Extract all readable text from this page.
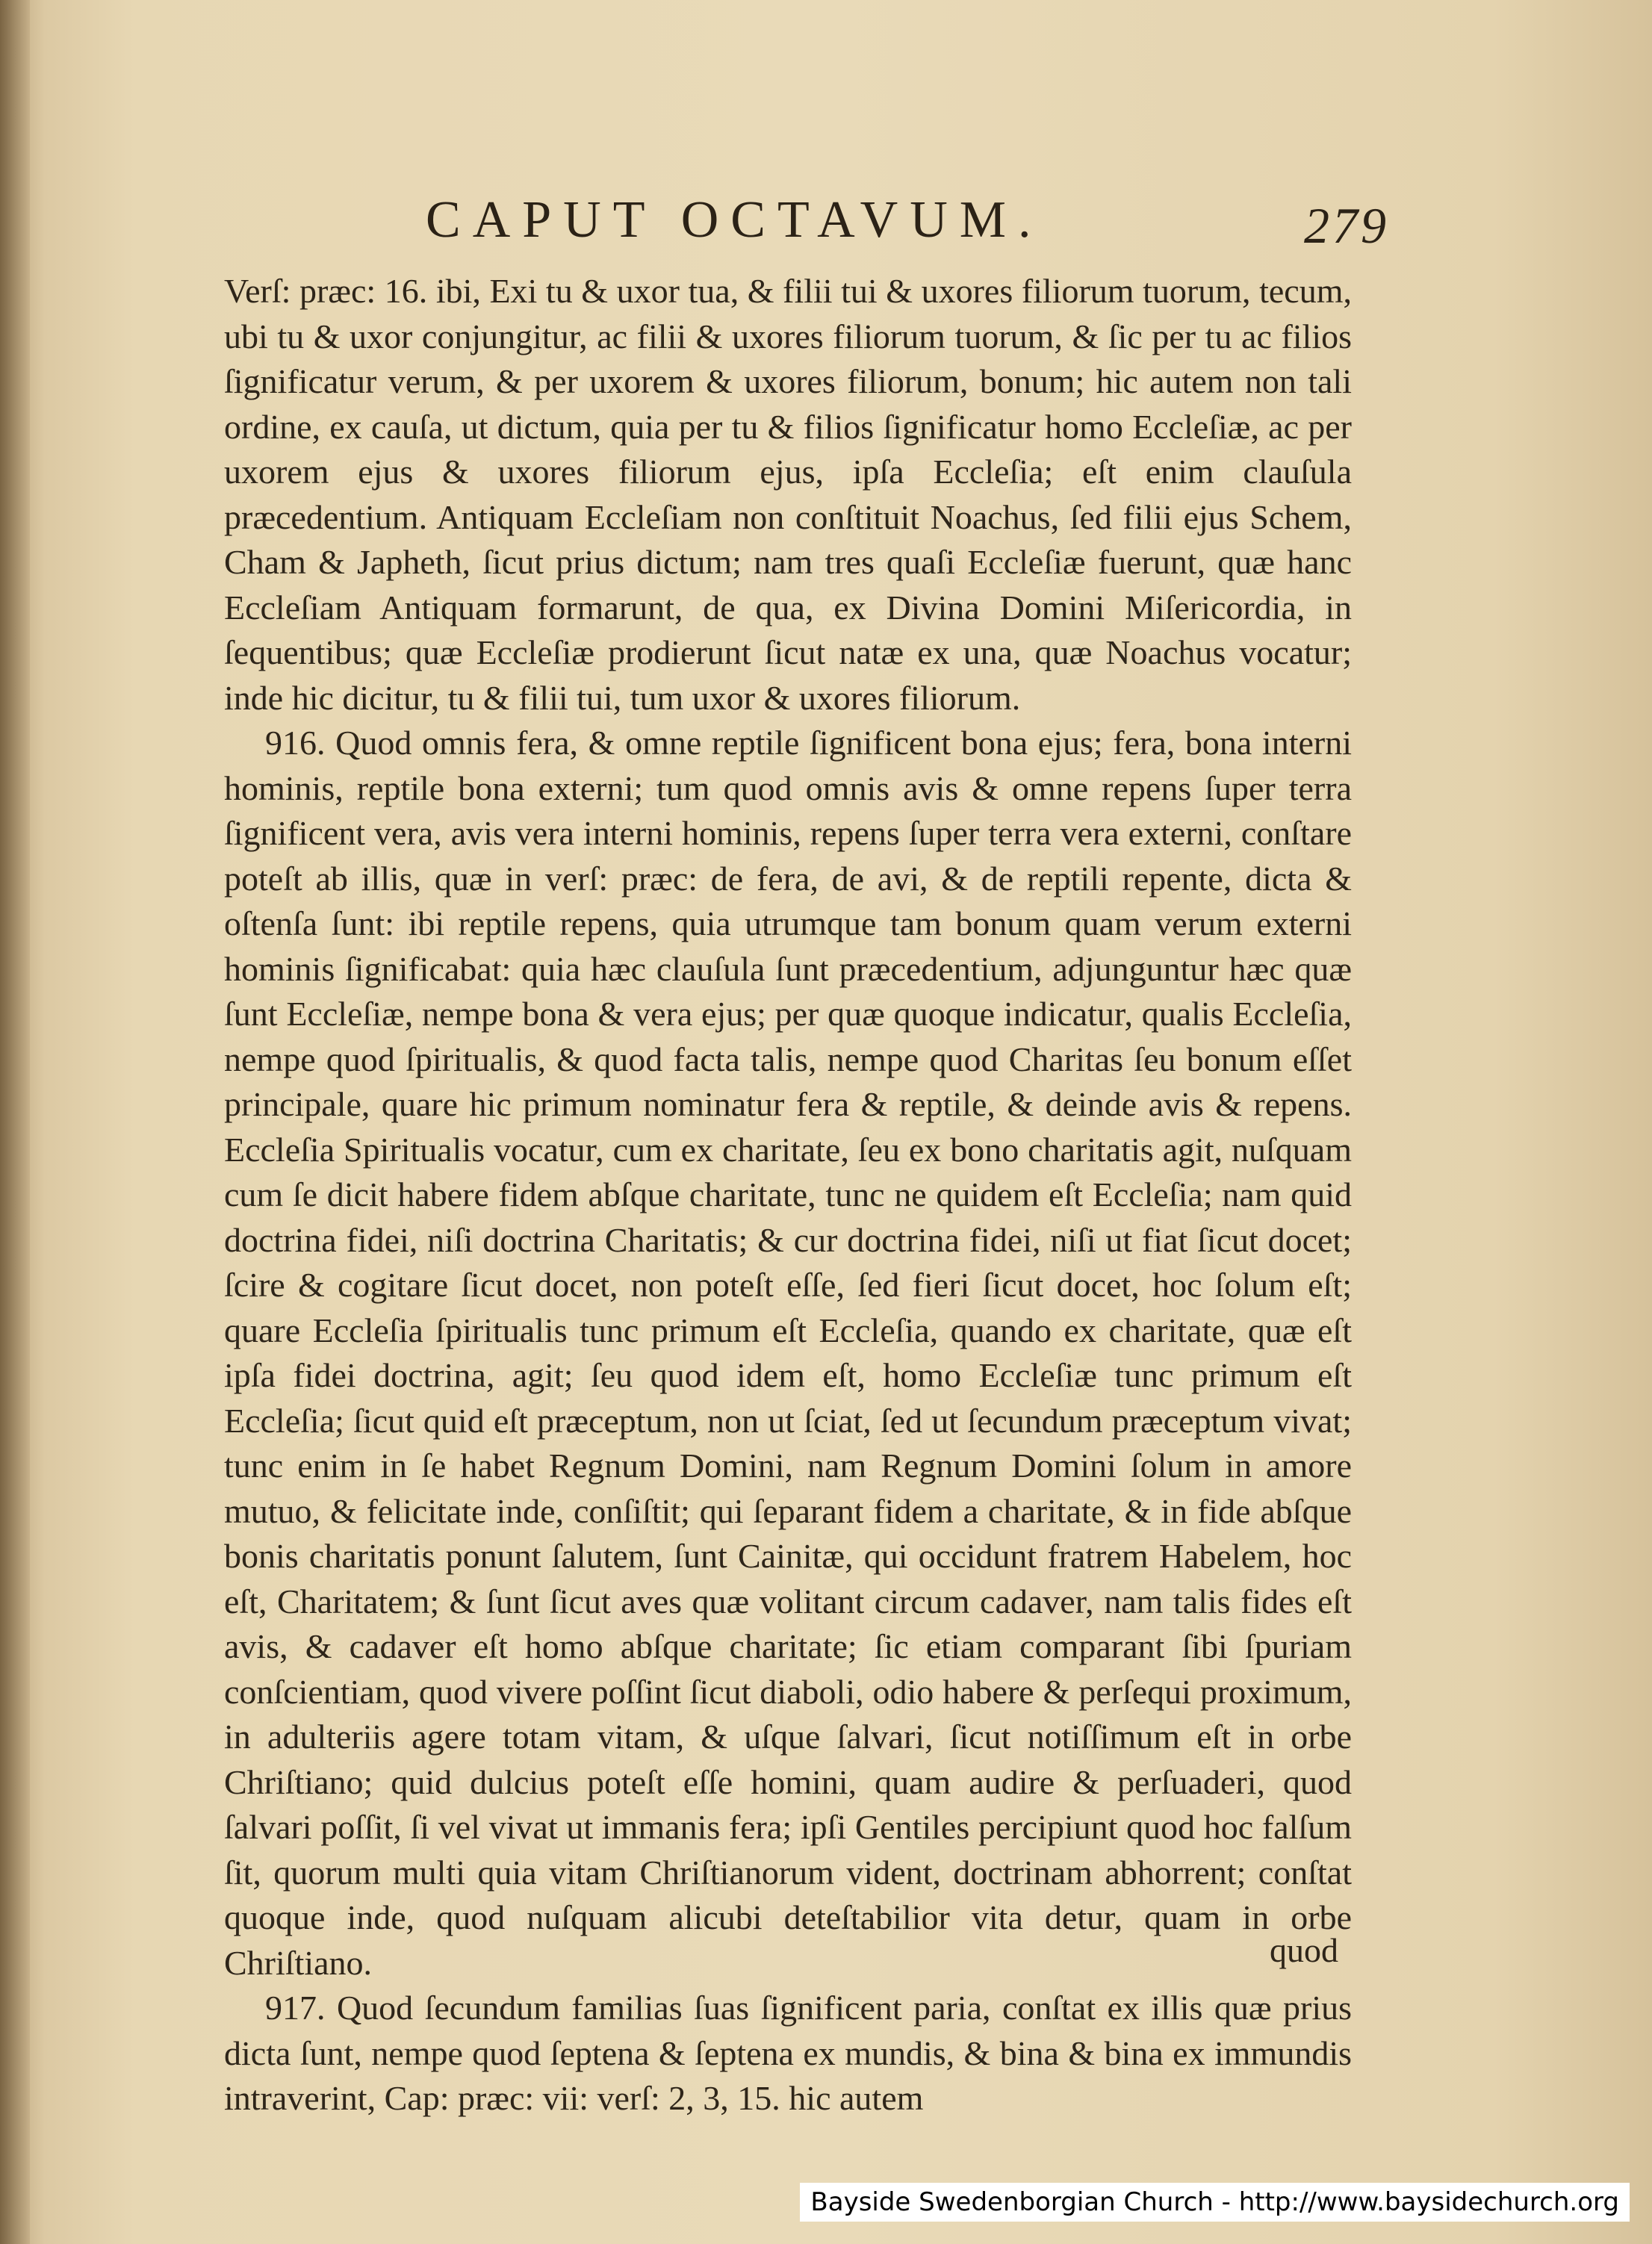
CAPUT OCTAVUM.	279

Verſ: præc: 16. ibi, Exi tu & uxor tua, & filii tui & uxores filiorum tuorum, tecum, ubi tu & uxor conjungitur, ac filii & uxores filiorum tuorum, & ſic per tu ac filios ſignificatur verum, & per uxorem & uxores filiorum, bonum; hic autem non tali ordine, ex cauſa, ut dictum, quia per tu & filios ſignificatur homo Eccleſiæ, ac per uxorem ejus & uxores filiorum ejus, ipſa Eccleſia; eſt enim clauſula præcedentium. Antiquam Eccleſiam non conſtituit Noachus, ſed filii ejus Schem, Cham & Japheth, ſicut prius dictum; nam tres quaſi Eccleſiæ fuerunt, quæ hanc Eccleſiam Antiquam formarunt, de qua, ex Divina Domini Miſericordia, in ſequentibus; quæ Eccleſiæ prodierunt ſicut natæ ex una, quæ Noachus vocatur; inde hic dicitur, tu & filii tui, tum uxor & uxores filiorum.

916. Quod omnis fera, & omne reptile ſignificent bona ejus; fera, bona interni hominis, reptile bona externi; tum quod omnis avis & omne repens ſuper terra ſignificent vera, avis vera interni hominis, repens ſuper terra vera externi, conſtare poteſt ab illis, quæ in verſ: præc: de fera, de avi, & de reptili repente, dicta & oſtenſa ſunt: ibi reptile repens, quia utrumque tam bonum quam verum externi hominis ſignificabat: quia hæc clauſula ſunt præcedentium, adjunguntur hæc quæ ſunt Eccleſiæ, nempe bona & vera ejus; per quæ quoque indicatur, qualis Eccleſia, nempe quod ſpiritualis, & quod facta talis, nempe quod Charitas ſeu bonum eſſet principale, quare hic primum nominatur fera & reptile, & deinde avis & repens. Eccleſia Spiritualis vocatur, cum ex charitate, ſeu ex bono charitatis agit, nuſquam cum ſe dicit habere fidem abſque charitate, tunc ne quidem eſt Eccleſia; nam quid doctrina fidei, niſi doctrina Charitatis; & cur doctrina fidei, niſi ut fiat ſicut docet; ſcire & cogitare ſicut docet, non poteſt eſſe, ſed fieri ſicut docet, hoc ſolum eſt; quare Eccleſia ſpiritualis tunc primum eſt Eccleſia, quando ex charitate, quæ eſt ipſa fidei doctrina, agit; ſeu quod idem eſt, homo Eccleſiæ tunc primum eſt Eccleſia; ſicut quid eſt præceptum, non ut ſciat, ſed ut ſecundum præceptum vivat; tunc enim in ſe habet Regnum Domini, nam Regnum Domini ſolum in amore mutuo, & felicitate inde, conſiſtit; qui ſeparant fidem a charitate, & in fide abſque bonis charitatis ponunt ſalutem, ſunt Cainitæ, qui occidunt fratrem Habelem, hoc eſt, Charitatem; & ſunt ſicut aves quæ volitant circum cadaver, nam talis fides eſt avis, & cadaver eſt homo abſque charitate; ſic etiam comparant ſibi ſpuriam conſcientiam, quod vivere poſſint ſicut diaboli, odio habere & perſequi proximum, in adulteriis agere totam vitam, & uſque ſalvari, ſicut notiſſimum eſt in orbe Chriſtiano; quid dulcius poteſt eſſe homini, quam audire & perſuaderi, quod ſalvari poſſit, ſi vel vivat ut immanis fera; ipſi Gentiles percipiunt quod hoc falſum ſit, quorum multi quia vitam Chriſtianorum vident, doctrinam abhorrent; conſtat quoque inde, quod nuſquam alicubi deteſtabilior vita detur, quam in orbe Chriſtiano.

917. Quod ſecundum familias ſuas ſignificent paria, conſtat ex illis quæ prius dicta ſunt, nempe quod ſeptena & ſeptena ex mundis, & bina & bina ex immundis intraverint, Cap: præc: vii: verſ: 2, 3, 15. hic autem

quod
Bayside Swedenborgian Church - http://www.baysidechurch.org
